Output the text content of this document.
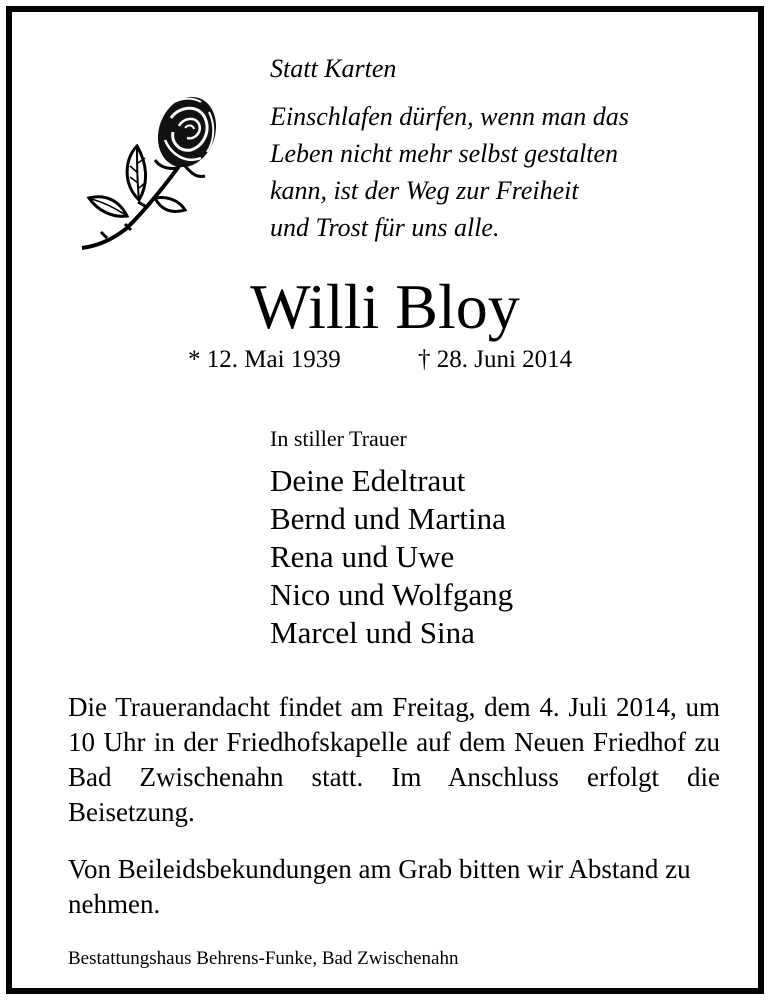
Statt Karten
Einschlafen dürfen, wenn man das
Leben nicht mehr selbst gestalten
kann, ist der Weg zur Freiheit
und Trost für uns alle.
Willi Bloy
* 12. Mai 1939	† 28. Juni 2014
In stiller Trauer
Deine Edeltraut
Bernd und Martina
Rena und Uwe
Nico und Wolfgang
Marcel und Sina

Die Trauerandacht findet am Freitag, dem 4. Juli 2014, um 10 Uhr in der Friedhofskapelle auf dem Neuen Friedhof zu Bad Zwischenahn statt. Im Anschluss erfolgt die Beisetzung.

Von Beileidsbekundungen am Grab bitten wir Abstand zu nehmen.
Bestattungshaus Behrens-Funke, Bad Zwischenahn
